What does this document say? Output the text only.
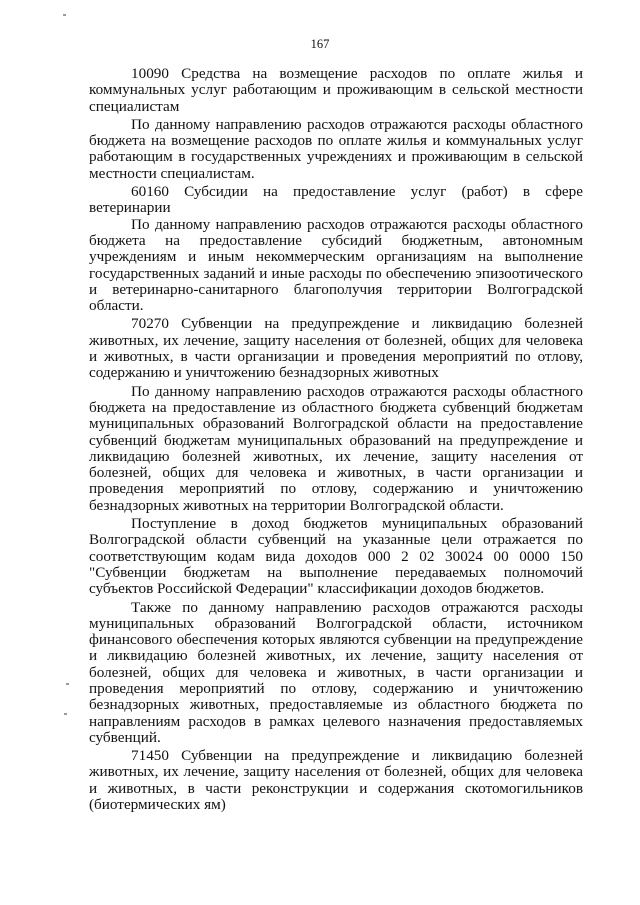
167

10090 Средства на возмещение расходов по оплате жилья и коммунальных услуг работающим и проживающим в сельской местности специалистам

По данному направлению расходов отражаются расходы областного бюджета на возмещение расходов по оплате жилья и коммунальных услуг работающим в государственных учреждениях и проживающим в сельской местности специалистам.

60160 Субсидии на предоставление услуг (работ) в сфере ветеринарии

По данному направлению расходов отражаются расходы областного бюджета на предоставление субсидий бюджетным, автономным учреждениям и иным некоммерческим организациям на выполнение государственных заданий и иные расходы по обеспечению эпизоотического и ветеринарно-санитарного благополучия территории Волгоградской области.

70270 Субвенции на предупреждение и ликвидацию болезней животных, их лечение, защиту населения от болезней, общих для человека и животных, в части организации и проведения мероприятий по отлову, содержанию и уничтожению безнадзорных животных

По данному направлению расходов отражаются расходы областного бюджета на предоставление из областного бюджета субвенций бюджетам муниципальных образований Волгоградской области на предоставление субвенций бюджетам муниципальных образований на предупреждение и ликвидацию болезней животных, их лечение, защиту населения от болезней, общих для человека и животных, в части организации и проведения мероприятий по отлову, содержанию и уничтожению безнадзорных животных на территории Волгоградской области.

Поступление в доход бюджетов муниципальных образований Волгоградской области субвенций на указанные цели отражается по соответствующим кодам вида доходов 000 2 02 30024 00 0000 150 "Субвенции бюджетам на выполнение передаваемых полномочий субъектов Российской Федерации" классификации доходов бюджетов.

Также по данному направлению расходов отражаются расходы муниципальных образований Волгоградской области, источником финансового обеспечения которых являются субвенции на предупреждение и ликвидацию болезней животных, их лечение, защиту населения от болезней, общих для человека и животных, в части организации и проведения мероприятий по отлову, содержанию и уничтожению безнадзорных животных, предоставляемые из областного бюджета по направлениям расходов в рамках целевого назначения предоставляемых субвенций.

71450 Субвенции на предупреждение и ликвидацию болезней животных, их лечение, защиту населения от болезней, общих для человека и животных, в части реконструкции и содержания скотомогильников (биотермических ям)
